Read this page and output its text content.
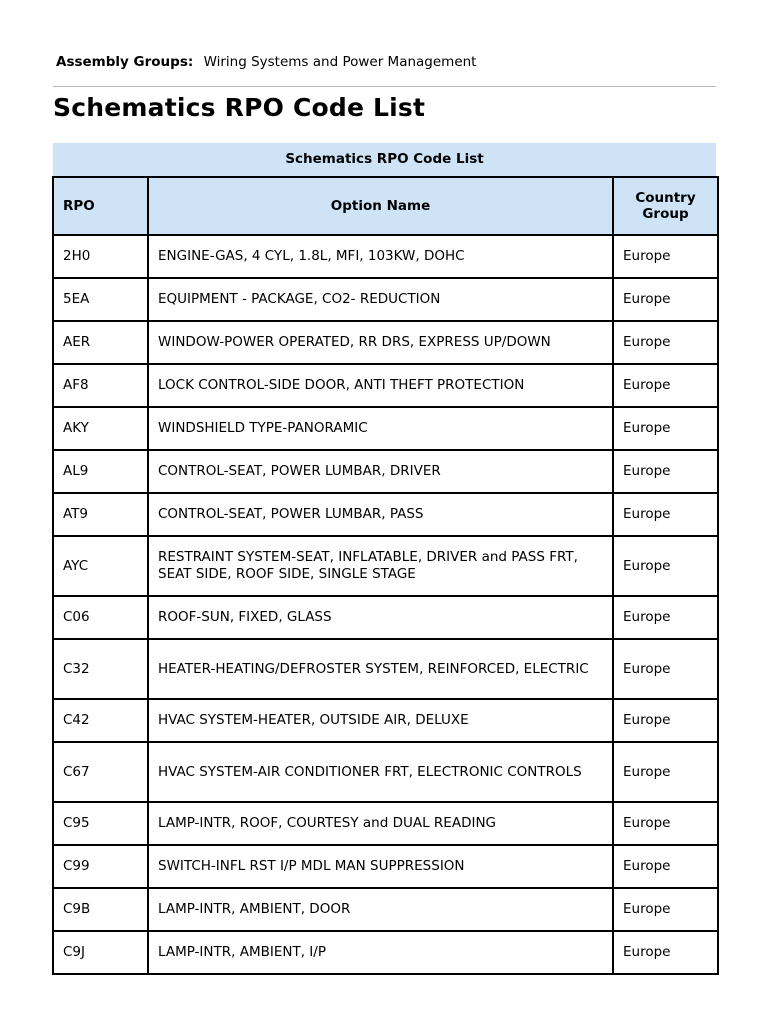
Assembly Groups: Wiring Systems and Power Management
Schematics RPO Code List
Schematics RPO Code List
RPO	Option Name	Country Group
2H0	ENGINE-GAS, 4 CYL, 1.8L, MFI, 103KW, DOHC	Europe
5EA	EQUIPMENT - PACKAGE, CO2- REDUCTION	Europe
AER	WINDOW-POWER OPERATED, RR DRS, EXPRESS UP/DOWN	Europe
AF8	LOCK CONTROL-SIDE DOOR, ANTI THEFT PROTECTION	Europe
AKY	WINDSHIELD TYPE-PANORAMIC	Europe
AL9	CONTROL-SEAT, POWER LUMBAR, DRIVER	Europe
AT9	CONTROL-SEAT, POWER LUMBAR, PASS	Europe
AYC	RESTRAINT SYSTEM-SEAT, INFLATABLE, DRIVER and PASS FRT, SEAT SIDE, ROOF SIDE, SINGLE STAGE	Europe
C06	ROOF-SUN, FIXED, GLASS	Europe
C32	HEATER-HEATING/DEFROSTER SYSTEM, REINFORCED, ELECTRIC	Europe
C42	HVAC SYSTEM-HEATER, OUTSIDE AIR, DELUXE	Europe
C67	HVAC SYSTEM-AIR CONDITIONER FRT, ELECTRONIC CONTROLS	Europe
C95	LAMP-INTR, ROOF, COURTESY and DUAL READING	Europe
C99	SWITCH-INFL RST I/P MDL MAN SUPPRESSION	Europe
C9B	LAMP-INTR, AMBIENT, DOOR	Europe
C9J	LAMP-INTR, AMBIENT, I/P	Europe
